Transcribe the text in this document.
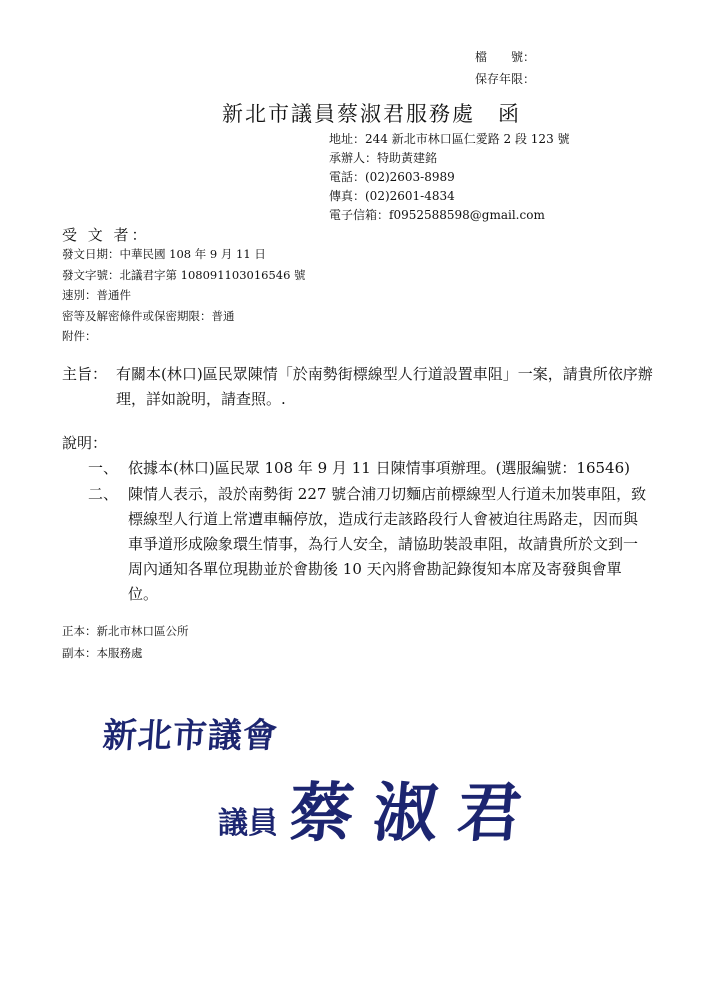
檔　　號：
保存年限：
新北市議員蔡淑君服務處　函
地址：244 新北市林口區仁愛路 2 段 123 號
承辦人：特助黃建銘
電話：(02)2603-8989
傳真：(02)2601-4834
電子信箱：f0952588598@gmail.com
受 文 者：
發文日期：中華民國 108 年 9 月 11 日
發文字號：北議君字第 108091103016546 號
速別：普通件
密等及解密條件或保密期限：普通
附件：
主旨： 有關本(林口)區民眾陳情「於南勢街標線型人行道設置車阻」一案，請貴所依序辦理，詳如說明，請查照。.
說明：
一、 依據本(林口)區民眾 108 年 9 月 11 日陳情事項辦理。(選服編號：16546)
二、 陳情人表示，設於南勢街 227 號合浦刀切麵店前標線型人行道未加裝車阻，致標線型人行道上常遭車輛停放，造成行走該路段行人會被迫往馬路走，因而與車爭道形成險象環生情事，為行人安全，請協助裝設車阻，故請貴所於文到一周內通知各單位現勘並於會勘後 10 天內將會勘記錄復知本席及寄發與會單位。
正本：新北市林口區公所
副本：本服務處
新北市議會
議員 蔡淑君
